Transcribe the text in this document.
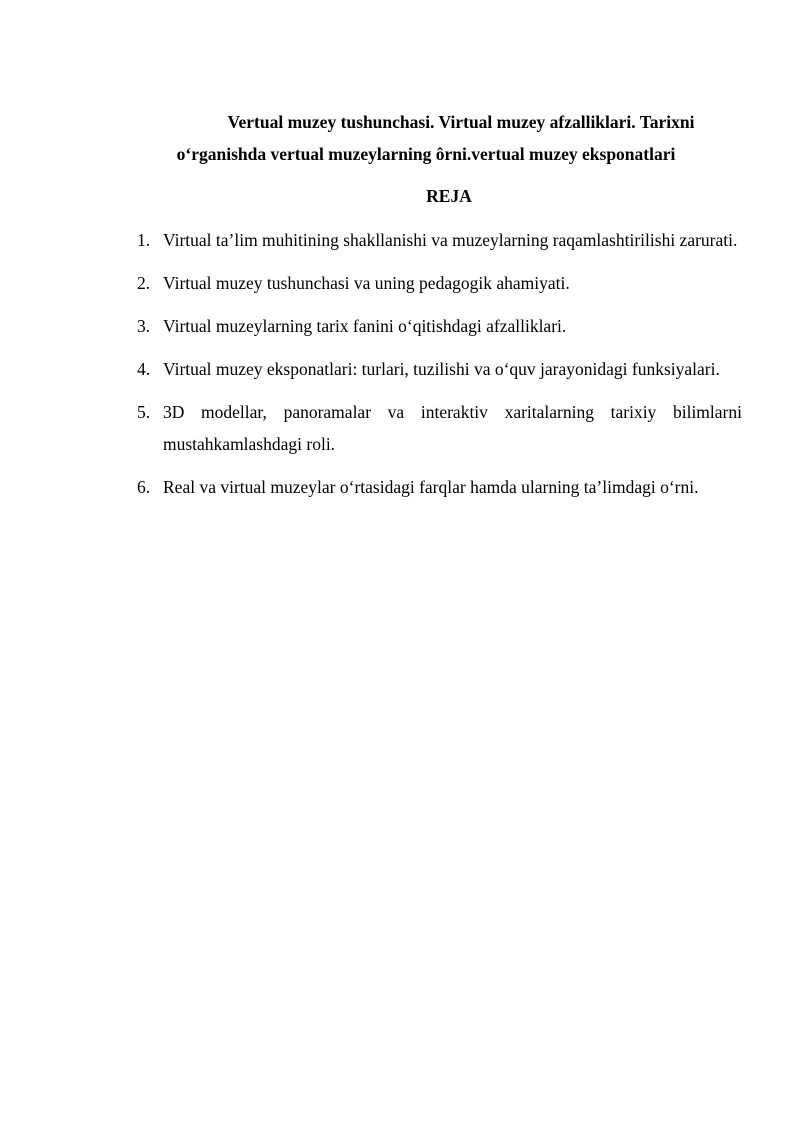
Vertual muzey tushunchasi. Virtual muzey afzalliklari. Tarixni
o‘rganishda vertual muzeylarning ôrni.vertual muzey eksponatlari
REJA
1. Virtual ta’lim muhitining shakllanishi va muzeylarning raqamlashtirilishi zarurati.
2. Virtual muzey tushunchasi va uning pedagogik ahamiyati.
3. Virtual muzeylarning tarix fanini o‘qitishdagi afzalliklari.
4. Virtual muzey eksponatlari: turlari, tuzilishi va o‘quv jarayonidagi funksiyalari.
5. 3D modellar, panoramalar va interaktiv xaritalarning tarixiy bilimlarni mustahkamlashdagi roli.
6. Real va virtual muzeylar o‘rtasidagi farqlar hamda ularning ta’limdagi o‘rni.
